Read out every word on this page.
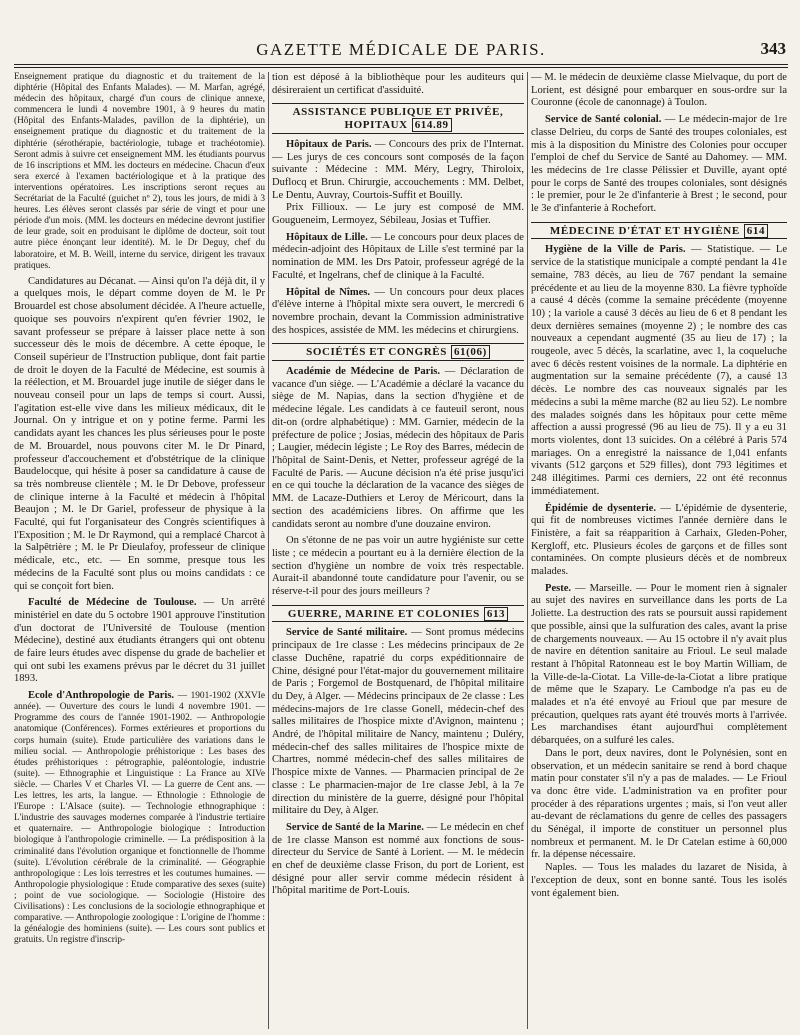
GAZETTE MÉDICALE DE PARIS.	343

Enseignement pratique du diagnostic et du traitement de la diphtérie (Hôpital des Enfants Malades). — M. Marfan, agrégé, médecin des hôpitaux, chargé d'un cours de clinique annexe, commencera le lundi 4 novembre 1901, à 9 heures du matin (Hôpital des Enfants-Malades, pavillon de la diphtérie), un enseignement pratique du diagnostic et du traitement de la diphtérie (sérothérapie, bactériologie, tubage et trachéotomie). Seront admis à suivre cet enseignement MM. les étudiants pourvus de 16 inscriptions et MM. les docteurs en médecine. Chacun d'eux sera exercé à l'examen bactériologique et à la pratique des interventions opératoires. Les inscriptions seront reçues au Secrétariat de la Faculté (guichet nº 2), tous les jours, de midi à 3 heures. Les élèves seront classés par série de vingt et pour une période d'un mois. (MM. les docteurs en médecine devront justifier de leur grade, soit en produisant le diplôme de docteur, soit tout autre pièce énonçant leur identité). M. le Dr Deguy, chef du laboratoire, et M. B. Weill, interne du service, dirigent les travaux pratiques.

Candidatures au Décanat. — Ainsi qu'on l'a déjà dit, il y a quelques mois, le départ comme doyen de M. le Pr Brouardel est chose absolument décidée. A l'heure actuelle, quoique ses pouvoirs n'expirent qu'en février 1902, le savant professeur se prépare à laisser place nette à son successeur dès le mois de décembre. A cette époque, le Conseil supérieur de l'Instruction publique, dont fait partie de droit le doyen de la Faculté de Médecine, est soumis à la réélection, et M. Brouardel juge inutile de siéger dans le nouveau conseil pour un laps de temps si court. Aussi, l'agitation est-elle vive dans les milieux médicaux, dit le Journal. On y intrigue et on y potine ferme. Parmi les candidats ayant les chances les plus sérieuses pour le poste de M. Brouardel, nous pouvons citer M. le Dr Pinard, professeur d'accouchement et d'obstétrique de la clinique Baudelocque, qui hésite à poser sa candidature à cause de sa très nombreuse clientèle ; M. le Dr Debove, professeur de clinique interne à la Faculté et médecin à l'hôpital Beaujon ; M. le Dr Gariel, professeur de physique à la Faculté, qui fut l'organisateur des Congrès scientifiques à l'Exposition ; M. le Dr Raymond, qui a remplacé Charcot à la Salpêtrière ; M. le Pr Dieulafoy, professeur de clinique médicale, etc., etc. — En somme, presque tous les médecins de la Faculté sont plus ou moins candidats : ce qui se conçoit fort bien.

Faculté de Médecine de Toulouse. — Un arrêté ministériel en date du 5 octobre 1901 approuve l'institution d'un doctorat de l'Université de Toulouse (mention Médecine), destiné aux étudiants étrangers qui ont obtenu de faire leurs études avec dispense du grade de bachelier et qui ont subi les examens prévus par le décret du 31 juillet 1893.

Ecole d'Anthropologie de Paris. — 1901-1902 (XXVIe année). — Ouverture des cours le lundi 4 novembre 1901. — Programme des cours de l'année 1901-1902. — Anthropologie anatomique (Conférences). Formes extérieures et proportions du corps humain (suite). Etude particulière des variations dans le milieu social. — Anthropologie préhistorique : Les bases des études préhistoriques : pétrographie, paléontologie, industrie (suite). — Ethnographie et Linguistique : La France au XIVe siècle. — Charles V et Charles VI. — La guerre de Cent ans. — Les lettres, les arts, la langue. — Ethnologie : Ethnologie de l'Europe : L'Alsace (suite). — Technologie ethnographique : L'industrie des sauvages modernes comparée à l'industrie tertiaire et quaternaire. — Anthropologie biologique : Introduction biologique à l'anthropologie criminelle. — La prédisposition à la criminalité dans l'évolution organique et fonctionnelle de l'homme (suite). L'évolution cérébrale de la criminalité. — Géographie anthropologique : Les lois terrestres et les coutumes humaines. — Anthropologie physiologique : Etude comparative des sexes (suite) ; point de vue sociologique. — Sociologie (Histoire des Civilisations) : Les conclusions de la sociologie ethnographique et comparative. — Anthropologie zoologique : L'origine de l'homme : la généalogie des hominiens (suite). — Les cours sont publics et gratuits. Un registre d'inscrip-

tion est déposé à la bibliothèque pour les auditeurs qui désireraient un certificat d'assiduité.

ASSISTANCE PUBLIQUE ET PRIVÉE, HOPITAUX 614.89

Hôpitaux de Paris. — Concours des prix de l'Internat. — Les jurys de ces concours sont composés de la façon suivante : Médecine : MM. Méry, Legry, Thiroloix, Duflocq et Brun. Chirurgie, accouchements : MM. Delbet, Le Dentu, Auvray, Courtois-Suffit et Bouilly.

Prix Fillioux. — Le jury est composé de MM. Gougueneim, Lermoyez, Sébileau, Josias et Tuffier.

Hôpitaux de Lille. — Le concours pour deux places de médecin-adjoint des Hôpitaux de Lille s'est terminé par la nomination de MM. les Drs Patoir, professeur agrégé de la Faculté, et Ingelrans, chef de clinique à la Faculté.

Hôpital de Nîmes. — Un concours pour deux places d'élève interne à l'hôpital mixte sera ouvert, le mercredi 6 novembre prochain, devant la Commission administrative des hospices, assistée de MM. les médecins et chirurgiens.

SOCIÉTÉS ET CONGRÈS 61(06)

Académie de Médecine de Paris. — Déclaration de vacance d'un siège. — L'Académie a déclaré la vacance du siège de M. Napias, dans la section d'hygiène et de médecine légale. Les candidats à ce fauteuil seront, nous dit-on (ordre alphabétique) : MM. Garnier, médecin de la préfecture de police ; Josias, médecin des hôpitaux de Paris ; Laugier, médecin légiste ; Le Roy des Barres, médecin de l'hôpital de Saint-Denis, et Netter, professeur agrégé de la Faculté de Paris. — Aucune décision n'a été prise jusqu'ici en ce qui touche la déclaration de la vacance des sièges de MM. de Lacaze-Duthiers et Leroy de Méricourt, dans la section des académiciens libres. On affirme que les candidats seront au nombre d'une douzaine environ.

On s'étonne de ne pas voir un autre hygiéniste sur cette liste ; ce médecin a pourtant eu à la dernière élection de la section d'hygiène un nombre de voix très respectable. Aurait-il abandonné toute candidature pour l'avenir, ou se réserve-t-il pour des jours meilleurs ?

GUERRE, MARINE ET COLONIES 613

Service de Santé militaire. — Sont promus médecins principaux de 1re classe : Les médecins principaux de 2e classe Duchêne, rapatrié du corps expéditionnaire de Chine, désigné pour l'état-major du gouvernement militaire de Paris ; Forgemol de Bostquenard, de l'hôpital militaire du Dey, à Alger. — Médecins principaux de 2e classe : Les médecins-majors de 1re classe Gonell, médecin-chef des salles militaires de l'hospice mixte d'Avignon, maintenu ; André, de l'hôpital militaire de Nancy, maintenu ; Duléry, médecin-chef des salles militaires de l'hospice mixte de Chartres, nommé médecin-chef des salles militaires de l'hospice mixte de Vannes. — Pharmacien principal de 2e classe : Le pharmacien-major de 1re classe Jebl, à la 7e direction du ministère de la guerre, désigné pour l'hôpital militaire du Dey, à Alger.

Service de Santé de la Marine. — Le médecin en chef de 1re classe Manson est nommé aux fonctions de sous-directeur du Service de Santé à Lorient. — M. le médecin en chef de deuxième classe Frison, du port de Lorient, est désigné pour aller servir comme médecin résident à l'hôpital maritime de Port-Louis.

— M. le médecin de deuxième classe Mielvaque, du port de Lorient, est désigné pour embarquer en sous-ordre sur la Couronne (école de canonnage) à Toulon.

Service de Santé colonial. — Le médecin-major de 1re classe Delrieu, du corps de Santé des troupes coloniales, est mis à la disposition du Ministre des Colonies pour occuper l'emploi de chef du Service de Santé au Dahomey. — MM. les médecins de 1re classe Pélissier et Duville, ayant opté pour le corps de Santé des troupes coloniales, sont désignés : le premier, pour le 2e d'infanterie à Brest ; le second, pour le 3e d'infanterie à Rochefort.

MÉDECINE D'ÉTAT ET HYGIÈNE 614

Hygiène de la Ville de Paris. — Statistique. — Le service de la statistique municipale a compté pendant la 41e semaine, 783 décès, au lieu de 767 pendant la semaine précédente et au lieu de la moyenne 830. La fièvre typhoïde a causé 4 décès (comme la semaine précédente (moyenne 10) ; la variole a causé 3 décès au lieu de 6 et 8 pendant les deux dernières semaines (moyenne 2) ; le nombre des cas nouveaux a cependant augmenté (35 au lieu de 17) ; la rougeole, avec 5 décès, la scarlatine, avec 1, la coqueluche avec 6 décès restent voisines de la normale. La diphtérie en augmentation sur la semaine précédente (7), a causé 13 décès. Le nombre des cas nouveaux signalés par les médecins a subi la même marche (82 au lieu 52). Le nombre des malades soignés dans les hôpitaux pour cette même affection a aussi progressé (96 au lieu de 75). Il y a eu 31 morts violentes, dont 13 suicides. On a célébré à Paris 574 mariages. On a enregistré la naissance de 1,041 enfants vivants (512 garçons et 529 filles), dont 793 légitimes et 248 illégitimes. Parmi ces derniers, 22 ont été reconnus immédiatement.

Épidémie de dysenterie. — L'épidémie de dysenterie, qui fit de nombreuses victimes l'année dernière dans le Finistère, a fait sa réapparition à Carhaix, Gleden-Poher, Kergloff, etc. Plusieurs écoles de garçons et de filles sont contaminées. On compte plusieurs décès et de nombreux malades.

Peste. — Marseille. — Pour le moment rien à signaler au sujet des navires en surveillance dans les ports de La Joliette. La destruction des rats se poursuit aussi rapidement que possible, ainsi que la sulfuration des cales, avant la prise de chargements nouveaux. — Au 15 octobre il n'y avait plus de navire en détention sanitaire au Frioul. Le seul malade restant à l'hôpital Ratonneau est le boy Martin William, de la Ville-de-la-Ciotat. La Ville-de-la-Ciotat a libre pratique de même que le Szapary. Le Cambodge n'a pas eu de malades et n'a été envoyé au Frioul que par mesure de précaution, quelques rats ayant été trouvés morts à l'arrivée. Les marchandises étant aujourd'hui complètement débarquées, on a sulfuré les cales.

Dans le port, deux navires, dont le Polynésien, sont en observation, et un médecin sanitaire se rend à bord chaque matin pour constater s'il n'y a pas de malades. — Le Frioul va donc être vide. L'administration va en profiter pour procéder à des réparations urgentes ; mais, si l'on veut aller au-devant de réclamations du genre de celles des passagers du Sénégal, il importe de constituer un personnel plus nombreux et permanent. M. le Dr Catelan estime à 60,000 fr. la dépense nécessaire.

Naples. — Tous les malades du lazaret de Nisida, à l'exception de deux, sont en bonne santé. Tous les isolés vont également bien.
